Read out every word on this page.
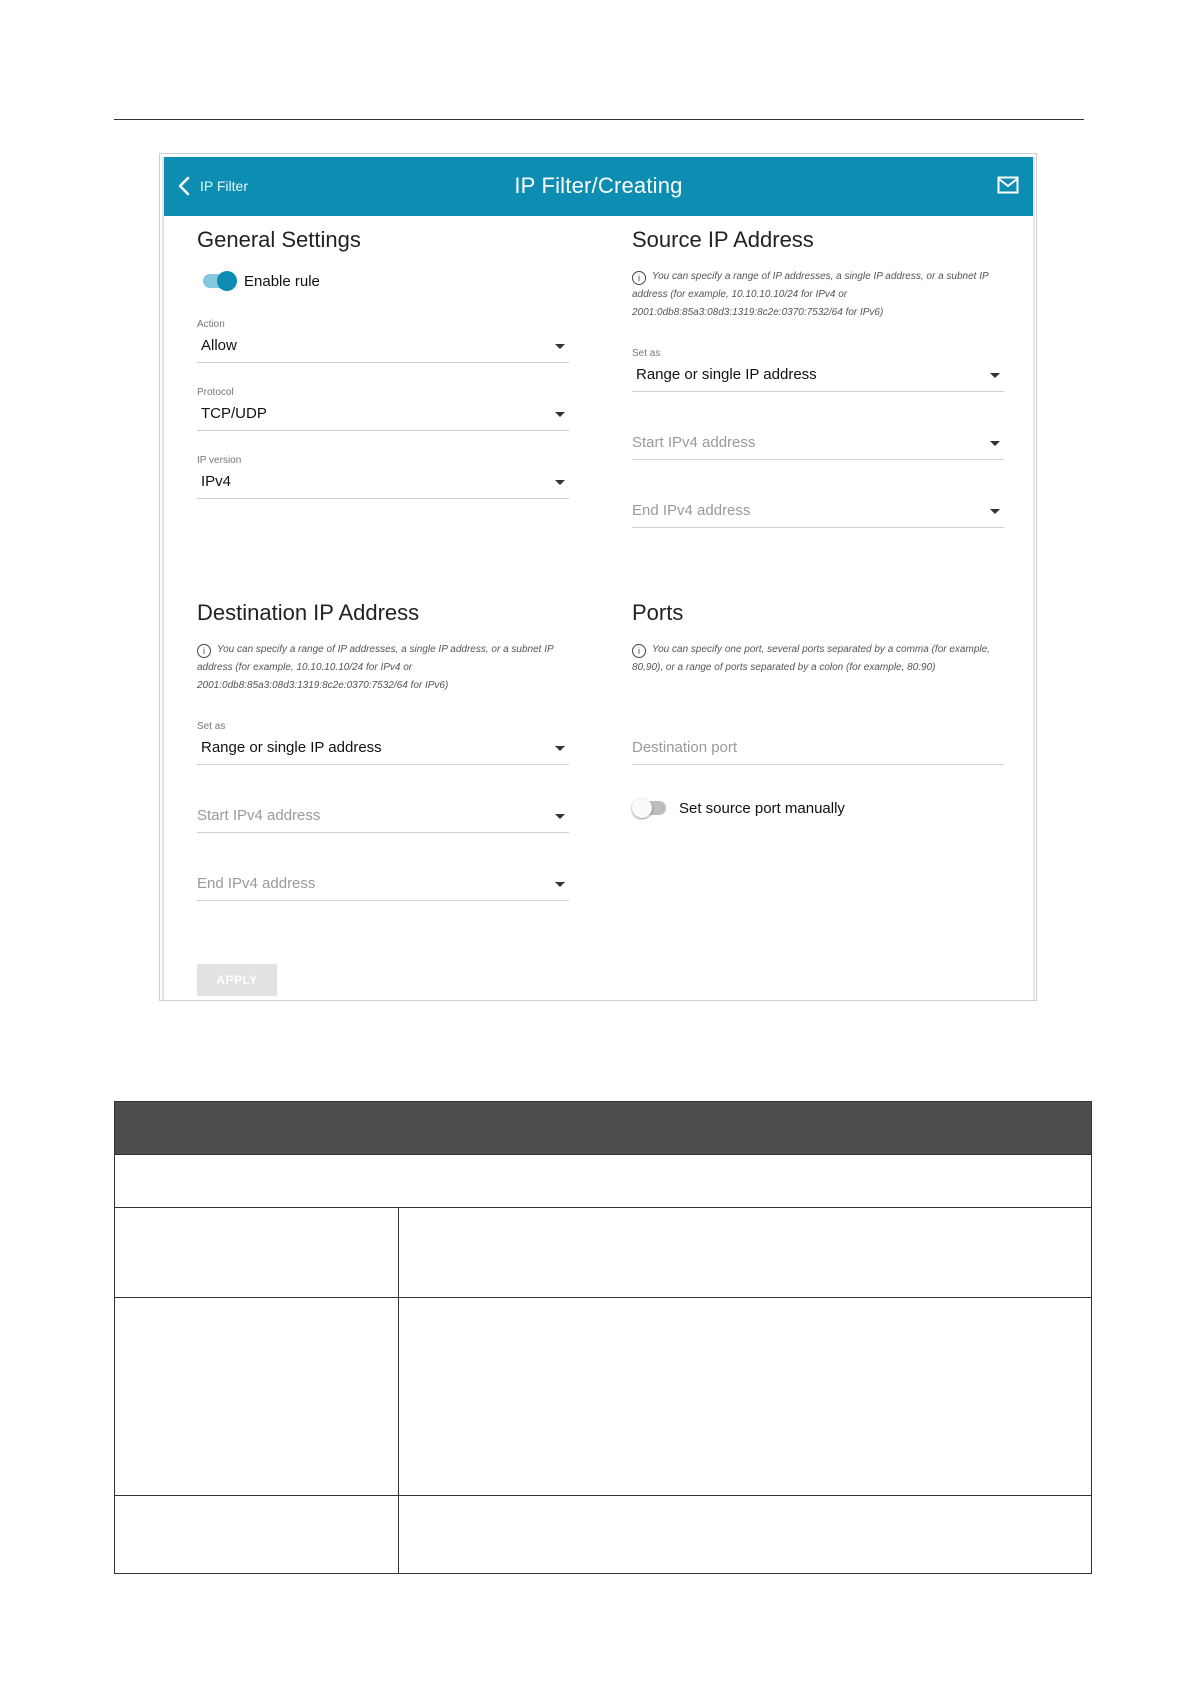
IP Filter	IP Filter/Creating
General Settings
Enable rule
Action
Allow
Protocol
TCP/UDP
IP version
IPv4
Source IP Address
i You can specify a range of IP addresses, a single IP address, or a subnet IP address (for example, 10.10.10.10/24 for IPv4 or 2001:0db8:85a3:08d3:1319:8c2e:0370:7532/64 for IPv6)
Set as
Range or single IP address
Start IPv4 address
End IPv4 address
Destination IP Address
i You can specify a range of IP addresses, a single IP address, or a subnet IP address (for example, 10.10.10.10/24 for IPv4 or 2001:0db8:85a3:08d3:1319:8c2e:0370:7532/64 for IPv6)
Set as
Range or single IP address
Start IPv4 address
End IPv4 address
Ports
i You can specify one port, several ports separated by a comma (for example, 80,90), or a range of ports separated by a colon (for example, 80:90)
Destination port
Set source port manually
APPLY
